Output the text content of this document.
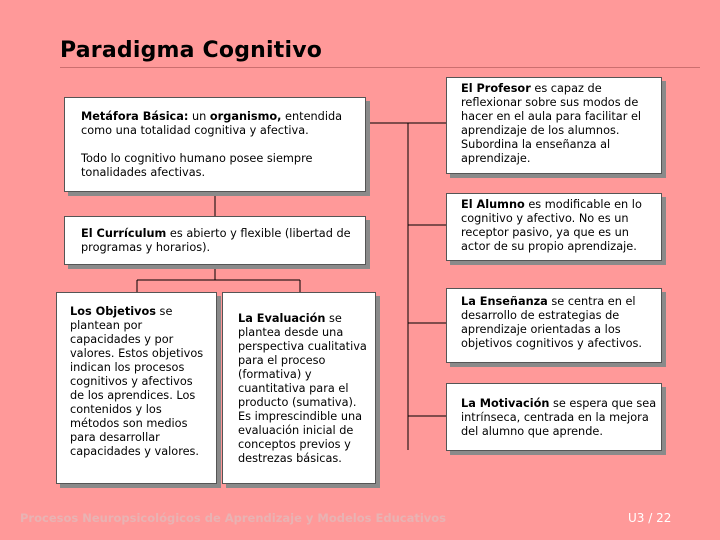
Paradigma Cognitivo
Metáfora Básica: un organismo, entendida como una totalidad cognitiva y afectiva.
Todo lo cognitivo humano posee siempre tonalidades afectivas.
El Currículum es abierto y flexible (libertad de programas y horarios).
Los Objetivos se plantean por capacidades y por valores. Estos objetivos indican los procesos cognitivos y afectivos de los aprendices. Los contenidos y los métodos son medios para desarrollar capacidades y valores.
La Evaluación se plantea desde una perspectiva cualitativa para el proceso (formativa) y cuantitativa para el producto (sumativa). Es imprescindible una evaluación inicial de conceptos previos y destrezas básicas.
El Profesor es capaz de reflexionar sobre sus modos de hacer en el aula para facilitar el aprendizaje de los alumnos. Subordina la enseñanza al aprendizaje.
El Alumno es modificable en lo cognitivo y afectivo. No es un receptor pasivo, ya que es un actor de su propio aprendizaje.
La Enseñanza se centra en el desarrollo de estrategias de aprendizaje orientadas a los objetivos cognitivos y afectivos.
La Motivación se espera que sea intrínseca, centrada en la mejora del alumno que aprende.
Procesos Neuropsicológicos de Aprendizaje y Modelos Educativos	U3 / 22
